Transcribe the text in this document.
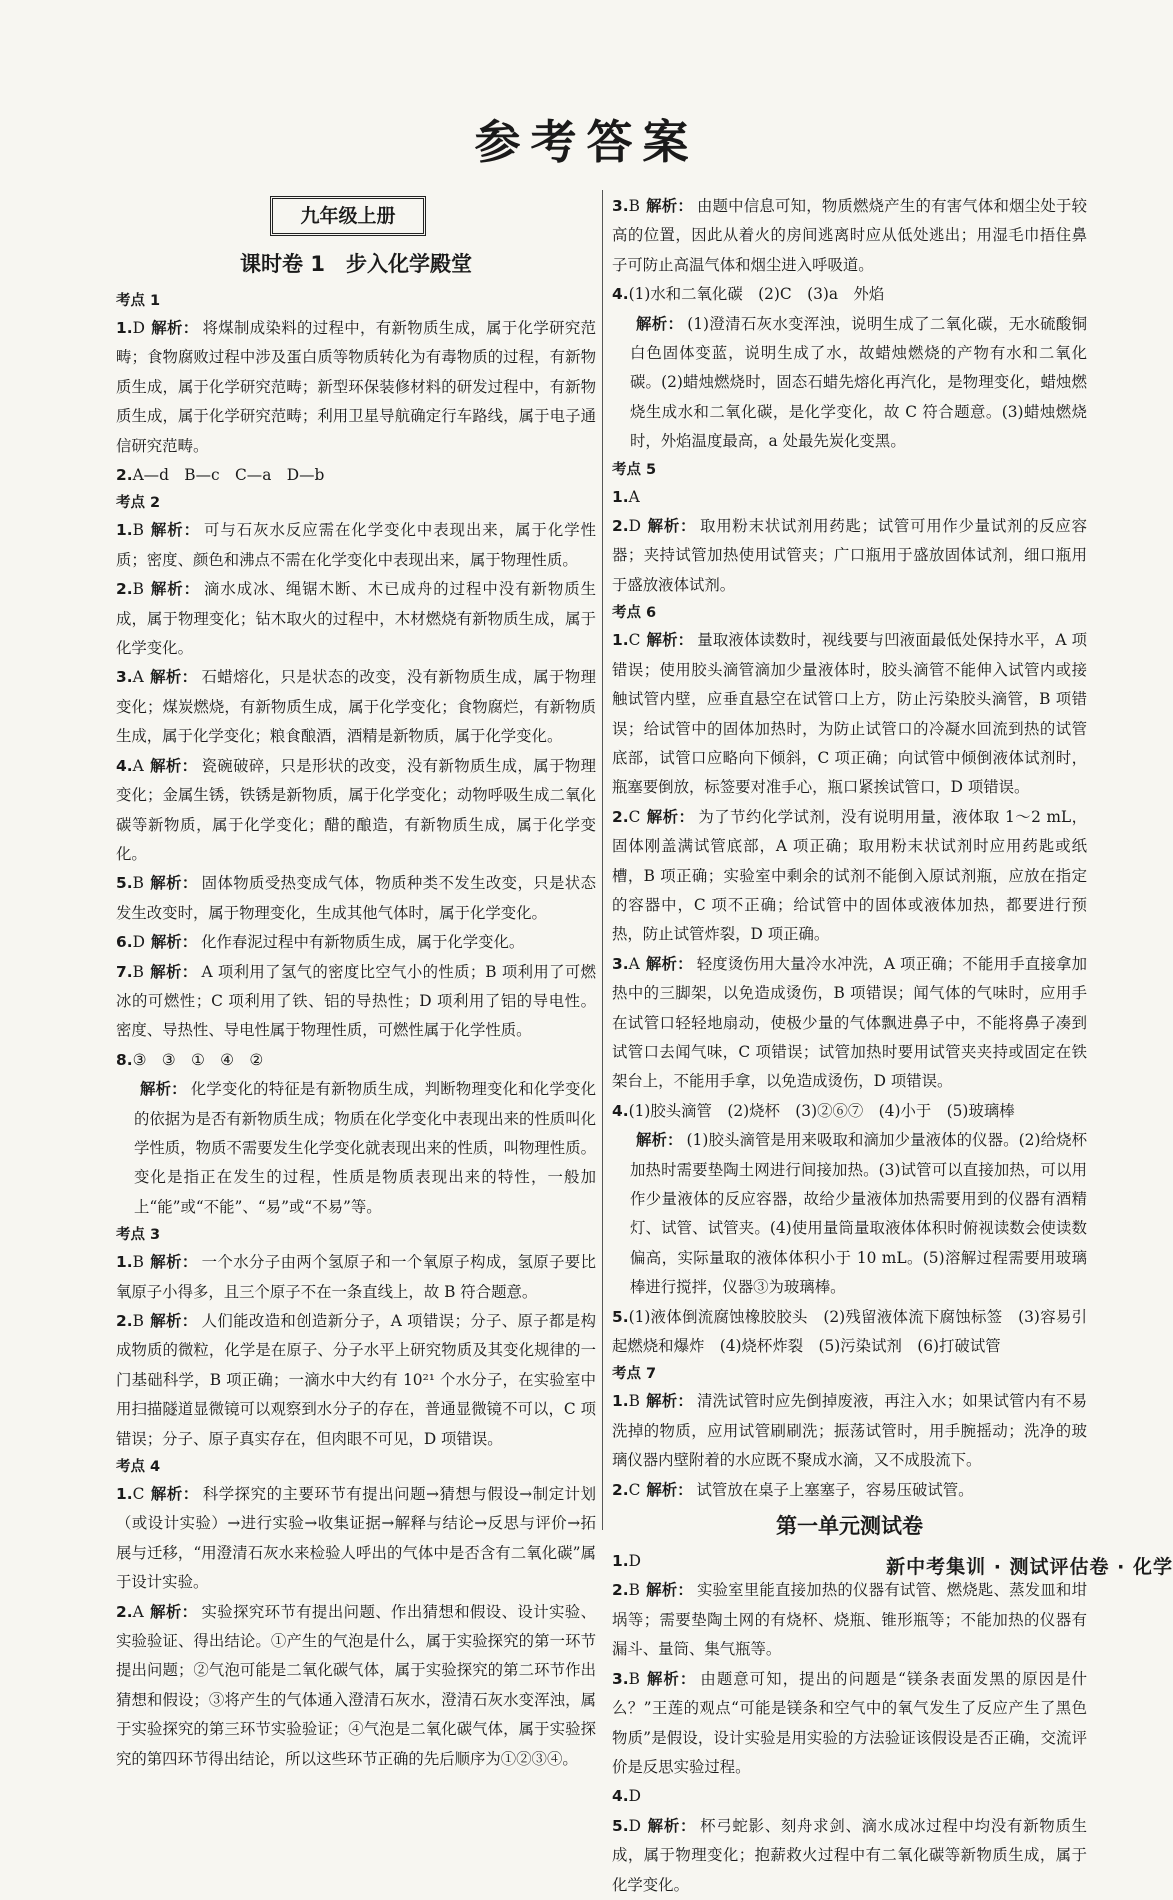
参考答案
九年级上册
课时卷 1　步入化学殿堂
考点 1
1.D 解析： 将煤制成染料的过程中，有新物质生成，属于化学研究范畴；食物腐败过程中涉及蛋白质等物质转化为有毒物质的过程，有新物质生成，属于化学研究范畴；新型环保装修材料的研发过程中，有新物质生成，属于化学研究范畴；利用卫星导航确定行车路线，属于电子通信研究范畴。
2.A—d　B—c　C—a　D—b
考点 2
1.B 解析： 可与石灰水反应需在化学变化中表现出来，属于化学性质；密度、颜色和沸点不需在化学变化中表现出来，属于物理性质。
2.B 解析： 滴水成冰、绳锯木断、木已成舟的过程中没有新物质生成，属于物理变化；钻木取火的过程中，木材燃烧有新物质生成，属于化学变化。
3.A 解析： 石蜡熔化，只是状态的改变，没有新物质生成，属于物理变化；煤炭燃烧，有新物质生成，属于化学变化；食物腐烂，有新物质生成，属于化学变化；粮食酿酒，酒精是新物质，属于化学变化。
4.A 解析： 瓷碗破碎，只是形状的改变，没有新物质生成，属于物理变化；金属生锈，铁锈是新物质，属于化学变化；动物呼吸生成二氧化碳等新物质，属于化学变化；醋的酿造，有新物质生成，属于化学变化。
5.B 解析： 固体物质受热变成气体，物质种类不发生改变，只是状态发生改变时，属于物理变化，生成其他气体时，属于化学变化。
6.D 解析： 化作春泥过程中有新物质生成，属于化学变化。
7.B 解析： A 项利用了氢气的密度比空气小的性质；B 项利用了可燃冰的可燃性；C 项利用了铁、铝的导热性；D 项利用了铝的导电性。密度、导热性、导电性属于物理性质，可燃性属于化学性质。
8.③　③　①　④　②
解析： 化学变化的特征是有新物质生成，判断物理变化和化学变化的依据为是否有新物质生成；物质在化学变化中表现出来的性质叫化学性质，物质不需要发生化学变化就表现出来的性质，叫物理性质。变化是指正在发生的过程，性质是物质表现出来的特性，一般加上“能”或“不能”、“易”或“不易”等。
考点 3
1.B 解析： 一个水分子由两个氢原子和一个氧原子构成，氢原子要比氧原子小得多，且三个原子不在一条直线上，故 B 符合题意。
2.B 解析： 人们能改造和创造新分子，A 项错误；分子、原子都是构成物质的微粒，化学是在原子、分子水平上研究物质及其变化规律的一门基础科学，B 项正确；一滴水中大约有 10²¹ 个水分子，在实验室中用扫描隧道显微镜可以观察到水分子的存在，普通显微镜不可以，C 项错误；分子、原子真实存在，但肉眼不可见，D 项错误。
考点 4
1.C 解析： 科学探究的主要环节有提出问题→猜想与假设→制定计划（或设计实验）→进行实验→收集证据→解释与结论→反思与评价→拓展与迁移，“用澄清石灰水来检验人呼出的气体中是否含有二氧化碳”属于设计实验。
2.A 解析： 实验探究环节有提出问题、作出猜想和假设、设计实验、实验验证、得出结论。①产生的气泡是什么，属于实验探究的第一环节提出问题；②气泡可能是二氧化碳气体，属于实验探究的第二环节作出猜想和假设；③将产生的气体通入澄清石灰水，澄清石灰水变浑浊，属于实验探究的第三环节实验验证；④气泡是二氧化碳气体，属于实验探究的第四环节得出结论，所以这些环节正确的先后顺序为①②③④。
3.B 解析： 由题中信息可知，物质燃烧产生的有害气体和烟尘处于较高的位置，因此从着火的房间逃离时应从低处逃出；用湿毛巾捂住鼻子可防止高温气体和烟尘进入呼吸道。
4.(1)水和二氧化碳　(2)C　(3)a　外焰
解析： (1)澄清石灰水变浑浊，说明生成了二氧化碳，无水硫酸铜白色固体变蓝，说明生成了水，故蜡烛燃烧的产物有水和二氧化碳。(2)蜡烛燃烧时，固态石蜡先熔化再汽化，是物理变化，蜡烛燃烧生成水和二氧化碳，是化学变化，故 C 符合题意。(3)蜡烛燃烧时，外焰温度最高，a 处最先炭化变黑。
考点 5
1.A
2.D 解析： 取用粉末状试剂用药匙；试管可用作少量试剂的反应容器；夹持试管加热使用试管夹；广口瓶用于盛放固体试剂，细口瓶用于盛放液体试剂。
考点 6
1.C 解析： 量取液体读数时，视线要与凹液面最低处保持水平，A 项错误；使用胶头滴管滴加少量液体时，胶头滴管不能伸入试管内或接触试管内壁，应垂直悬空在试管口上方，防止污染胶头滴管，B 项错误；给试管中的固体加热时，为防止试管口的冷凝水回流到热的试管底部，试管口应略向下倾斜，C 项正确；向试管中倾倒液体试剂时，瓶塞要倒放，标签要对准手心，瓶口紧挨试管口，D 项错误。
2.C 解析： 为了节约化学试剂，没有说明用量，液体取 1～2 mL，固体刚盖满试管底部，A 项正确；取用粉末状试剂时应用药匙或纸槽，B 项正确；实验室中剩余的试剂不能倒入原试剂瓶，应放在指定的容器中，C 项不正确；给试管中的固体或液体加热，都要进行预热，防止试管炸裂，D 项正确。
3.A 解析： 轻度烫伤用大量冷水冲洗，A 项正确；不能用手直接拿加热中的三脚架，以免造成烫伤，B 项错误；闻气体的气味时，应用手在试管口轻轻地扇动，使极少量的气体飘进鼻子中，不能将鼻子凑到试管口去闻气味，C 项错误；试管加热时要用试管夹夹持或固定在铁架台上，不能用手拿，以免造成烫伤，D 项错误。
4.(1)胶头滴管　(2)烧杯　(3)②⑥⑦　(4)小于　(5)玻璃棒
解析： (1)胶头滴管是用来吸取和滴加少量液体的仪器。(2)给烧杯加热时需要垫陶土网进行间接加热。(3)试管可以直接加热，可以用作少量液体的反应容器，故给少量液体加热需要用到的仪器有酒精灯、试管、试管夹。(4)使用量筒量取液体体积时俯视读数会使读数偏高，实际量取的液体体积小于 10 mL。(5)溶解过程需要用玻璃棒进行搅拌，仪器③为玻璃棒。
5.(1)液体倒流腐蚀橡胶胶头　(2)残留液体流下腐蚀标签　(3)容易引起燃烧和爆炸　(4)烧杯炸裂　(5)污染试剂　(6)打破试管
考点 7
1.B 解析： 清洗试管时应先倒掉废液，再注入水；如果试管内有不易洗掉的物质，应用试管刷刷洗；振荡试管时，用手腕摇动；洗净的玻璃仪器内壁附着的水应既不聚成水滴，又不成股流下。
2.C 解析： 试管放在桌子上塞塞子，容易压破试管。
第一单元测试卷
1.D
2.B 解析： 实验室里能直接加热的仪器有试管、燃烧匙、蒸发皿和坩埚等；需要垫陶土网的有烧杯、烧瓶、锥形瓶等；不能加热的仪器有漏斗、量筒、集气瓶等。
3.B 解析： 由题意可知，提出的问题是“镁条表面发黑的原因是什么？”王莲的观点“可能是镁条和空气中的氧气发生了反应产生了黑色物质”是假设，设计实验是用实验的方法验证该假设是否正确，交流评价是反思实验过程。
4.D
5.D 解析： 杯弓蛇影、刻舟求剑、滴水成冰过程中均没有新物质生成，属于物理变化；抱薪救火过程中有二氧化碳等新物质生成，属于化学变化。
新中考集训 · 测试评估卷 · 化学
